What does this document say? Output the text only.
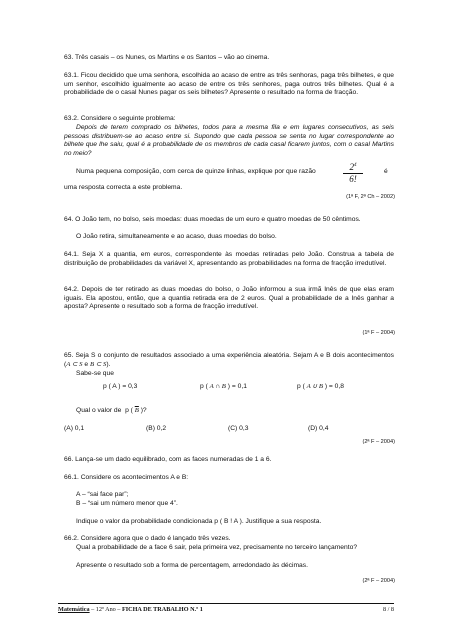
63. Três casais – os Nunes, os Martins e os Santos – vão ao cinema.
63.1. Ficou decidido que uma senhora, escolhida ao acaso de entre as três senhoras, paga três bilhetes, e que um senhor, escolhido igualmente ao acaso de entre os três senhores, paga outros três bilhetes. Qual é a probabilidade de o casal Nunes pagar os seis bilhetes? Apresente o resultado na forma de fracção.
63.2. Considere o seguinte problema:
Depois de terem comprado os bilhetes, todos para a mesma fila e em lugares consecutivos, as seis pessoas distribuem-se ao acaso entre si. Supondo que cada pessoa se senta no lugar correspondente ao bilhete que lhe saiu, qual é a probabilidade de os membros de cada casal ficarem juntos, com o casal Martins no meio?
Numa pequena composição, com cerca de quinze linhas, explique por que razão	$\frac{2^4}{6!}$	é
uma resposta correcta a este problema.
(1ª F, 2ª Ch – 2002)
64. O João tem, no bolso, seis moedas: duas moedas de um euro e quatro moedas de 50 cêntimos.
O João retira, simultaneamente e ao acaso, duas moedas do bolso.
64.1. Seja X a quantia, em euros, correspondente às moedas retiradas pelo João. Construa a tabela de distribuição de probabilidades da variável X, apresentando as probabilidades na forma de fracção irredutível.
64.2. Depois de ter retirado as duas moedas do bolso, o João informou a sua irmã Inês de que elas eram iguais. Ela apostou, então, que a quantia retirada era de 2 euros. Qual a probabilidade de a Inês ganhar a aposta? Apresente o resultado sob a forma de fracção irredutível.
(1ª F – 2004)
65. Seja S o conjunto de resultados associado a uma experiência aleatória. Sejam A e B dois acontecimentos (A ⊂ S e B ⊂ S).
Sabe-se que
p ( A ) = 0,3	p ( A ∩ B ) = 0,1	p ( A ∪ B ) = 0,8
Qual o valor de p ( $\overline{B}$ )?
(A) 0,1	(B) 0,2	(C) 0,3	(D) 0,4
(2ª F – 2004)
66. Lança-se um dado equilibrado, com as faces numeradas de 1 a 6.
66.1. Considere os acontecimentos A e B:
A – “sai face par”;
B – “sai um número menor que 4”.
Indique o valor da probabilidade condicionada p ( B ! A ). Justifique a sua resposta.
66.2. Considere agora que o dado é lançado três vezes.
Qual a probabilidade de a face 6 sair, pela primeira vez, precisamente no terceiro lançamento?
Apresente o resultado sob a forma de percentagem, arredondado às décimas.
(2ª F – 2004)
Matemática – 12º Ano – FICHA DE TRABALHO N.º 1	8 / 8
